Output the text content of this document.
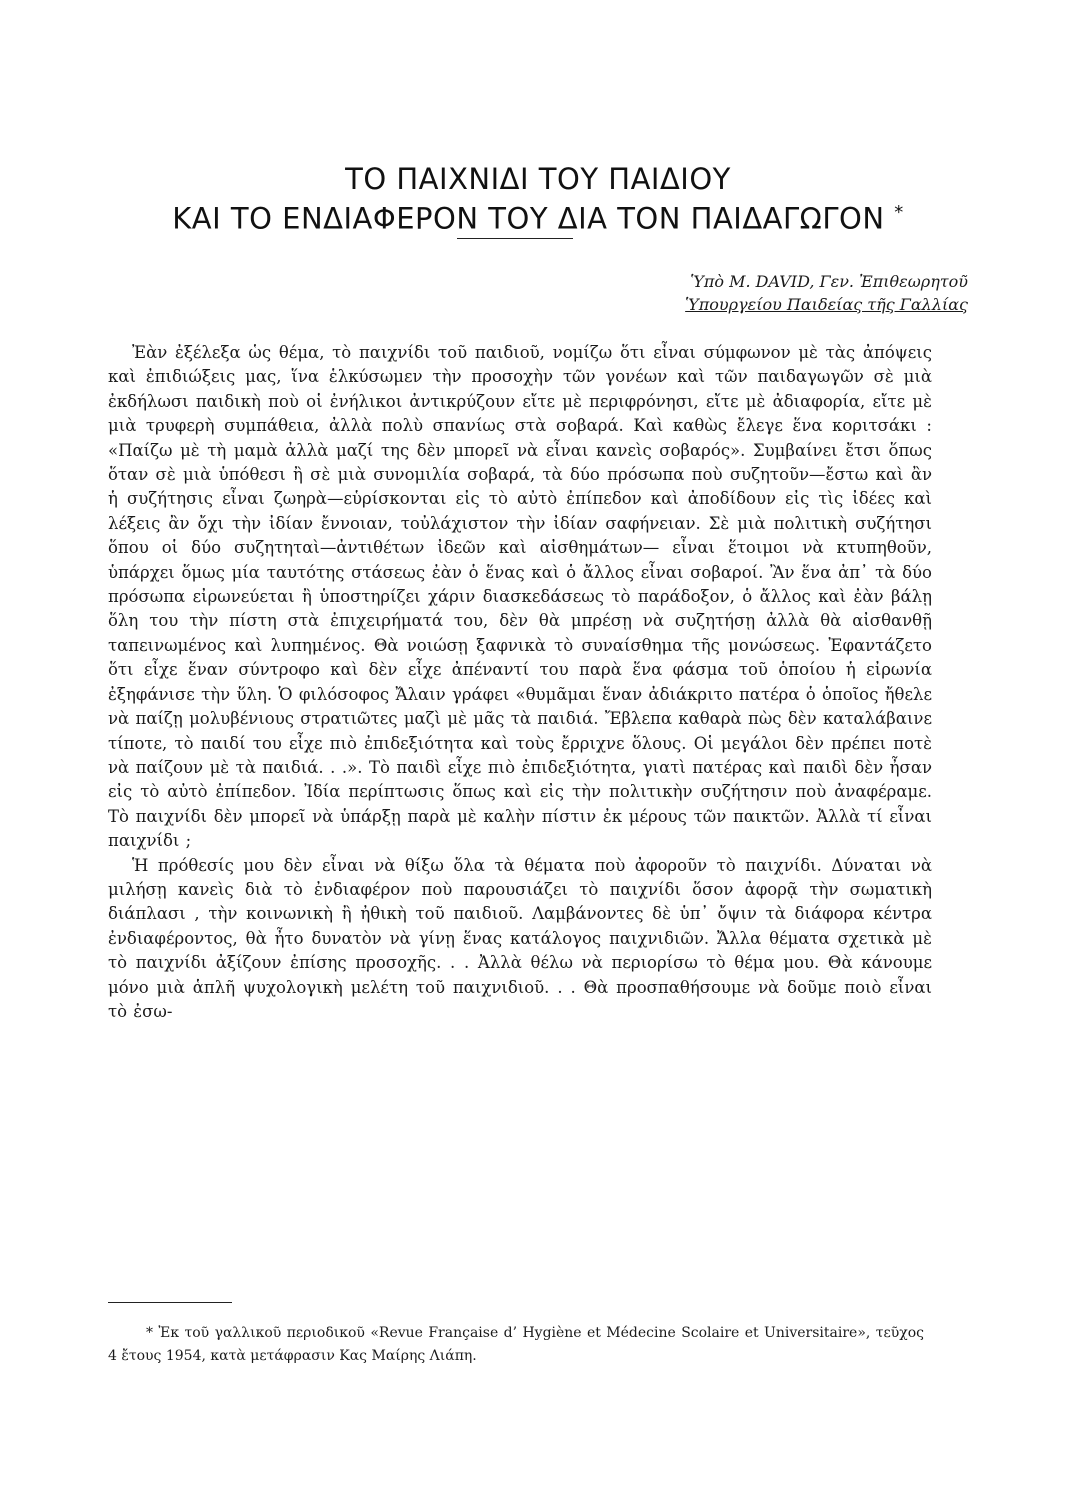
ΤΟ ΠΑΙΧΝΙΔΙ ΤΟΥ ΠΑΙΔΙΟΥ
ΚΑΙ ΤΟ ΕΝΔΙΑΦΕΡΟΝ ΤΟΥ ΔΙΑ ΤΟΝ ΠΑΙΔΑΓΩΓΟΝ *
Ὑπὸ Μ. DAVID, Γεν. Ἐπιθεωρητοῦ
Ὑπουργείου Παιδείας τῆς Γαλλίας

Ἐὰν ἐξέλεξα ὡς θέμα, τὸ παιχνίδι τοῦ παιδιοῦ, νομίζω ὅτι εἶναι σύμφωνον μὲ τὰς ἀπόψεις καὶ ἐπιδιώξεις μας, ἵνα ἑλκύσωμεν τὴν προσοχὴν τῶν γονέων καὶ τῶν παιδαγωγῶν σὲ μιὰ ἐκδήλωσι παιδικὴ ποὺ οἱ ἐνήλικοι ἀντικρύζουν εἴτε μὲ περιφρόνησι, εἴτε μὲ ἀδιαφορία, εἴτε μὲ μιὰ τρυφερὴ συμπάθεια, ἀλλὰ πολὺ σπανίως στὰ σοβαρά. Καὶ καθὼς ἔλεγε ἕνα κοριτσάκι : «Παίζω μὲ τὴ μαμὰ ἀλλὰ μαζί της δὲν μπορεῖ νὰ εἶναι κανεὶς σοβαρός». Συμβαίνει ἔτσι ὅπως ὅταν σὲ μιὰ ὑπόθεσι ἢ σὲ μιὰ συνομιλία σοβαρά, τὰ δύο πρόσωπα ποὺ συζητοῦν—ἔστω καὶ ἂν ἡ συζήτησις εἶναι ζωηρὰ—εὑρίσκονται εἰς τὸ αὐτὸ ἐπίπεδον καὶ ἀποδίδουν εἰς τὶς ἰδέες καὶ λέξεις ἂν ὄχι τὴν ἰδίαν ἔννοιαν, τοὐλάχιστον τὴν ἰδίαν σαφήνειαν. Σὲ μιὰ πολιτικὴ συζήτησι ὅπου οἱ δύο συζητηταὶ—ἀντιθέτων ἰδεῶν καὶ αἰσθημάτων— εἶναι ἕτοιμοι νὰ κτυπηθοῦν, ὑπάρχει ὅμως μία ταυτότης στάσεως ἐὰν ὁ ἕνας καὶ ὁ ἄλλος εἶναι σοβαροί. Ἂν ἕνα ἀπ᾽ τὰ δύο πρόσωπα εἰρωνεύεται ἢ ὑποστηρίζει χάριν διασκεδάσεως τὸ παράδοξον, ὁ ἄλλος καὶ ἐὰν βάλῃ ὅλη του τὴν πίστη στὰ ἐπιχειρήματά του, δὲν θὰ μπρέσῃ νὰ συζητήσῃ ἀλλὰ θὰ αἰσθανθῇ ταπεινωμένος καὶ λυπημένος. Θὰ νοιώσῃ ξαφνικὰ τὸ συναίσθημα τῆς μονώσεως. Ἐφαντάζετο ὅτι εἶχε ἕναν σύντροφο καὶ δὲν εἶχε ἀπέναντί του παρὰ ἕνα φάσμα τοῦ ὁποίου ἡ εἰρωνία ἐξηφάνισε τὴν ὕλη. Ὁ φιλόσοφος Ἄλαιν γράφει «θυμᾶμαι ἕναν ἀδιάκριτο πατέρα ὁ ὁποῖος ἤθελε νὰ παίζῃ μολυβένιους στρατιῶτες μαζὶ μὲ μᾶς τὰ παιδιά. Ἔβλεπα καθαρὰ πὼς δὲν καταλάβαινε τίποτε, τὸ παιδί του εἶχε πιὸ ἐπιδεξιότητα καὶ τοὺς ἔρριχνε ὅλους. Οἱ μεγάλοι δὲν πρέπει ποτὲ νὰ παίζουν μὲ τὰ παιδιά. . .». Τὸ παιδὶ εἶχε πιὸ ἐπιδεξιότητα, γιατὶ πατέρας καὶ παιδὶ δὲν ἦσαν εἰς τὸ αὐτὸ ἐπίπεδον. Ἰδία περίπτωσις ὅπως καὶ εἰς τὴν πολιτικὴν συζήτησιν ποὺ ἀναφέραμε. Τὸ παιχνίδι δὲν μπορεῖ νὰ ὑπάρξῃ παρὰ μὲ καλὴν πίστιν ἐκ μέρους τῶν παικτῶν. Ἀλλὰ τί εἶναι παιχνίδι ;

Ἡ πρόθεσίς μου δὲν εἶναι νὰ θίξω ὅλα τὰ θέματα ποὺ ἀφοροῦν τὸ παιχνίδι. Δύναται νὰ μιλήσῃ κανεὶς διὰ τὸ ἐνδιαφέρον ποὺ παρουσιάζει τὸ παιχνίδι ὅσον ἀφορᾷ τὴν σωματικὴ διάπλασι , τὴν κοινωνικὴ ἢ ἠθικὴ τοῦ παιδιοῦ. Λαμβάνοντες δὲ ὑπ᾽ ὄψιν τὰ διάφορα κέντρα ἐνδιαφέροντος, θὰ ἦτο δυνατὸν νὰ γίνῃ ἕνας κατάλογος παιχνιδιῶν. Ἄλλα θέματα σχετικὰ μὲ τὸ παιχνίδι ἀξίζουν ἐπίσης προσοχῆς. . . Ἀλλὰ θέλω νὰ περιορίσω τὸ θέμα μου. Θὰ κάνουμε μόνο μιὰ ἁπλῆ ψυχολογικὴ μελέτη τοῦ παιχνιδιοῦ. . . Θὰ προσπαθήσουμε νὰ δοῦμε ποιὸ εἶναι τὸ ἐσω-

* Ἐκ τοῦ γαλλικοῦ περιοδικοῦ «Revue Française d’ Hygiène et Médecine Scolaire et Universitaire», τεῦχος 4 ἔτους 1954, κατὰ μετάφρασιν Κας Μαίρης Λιάπη.
